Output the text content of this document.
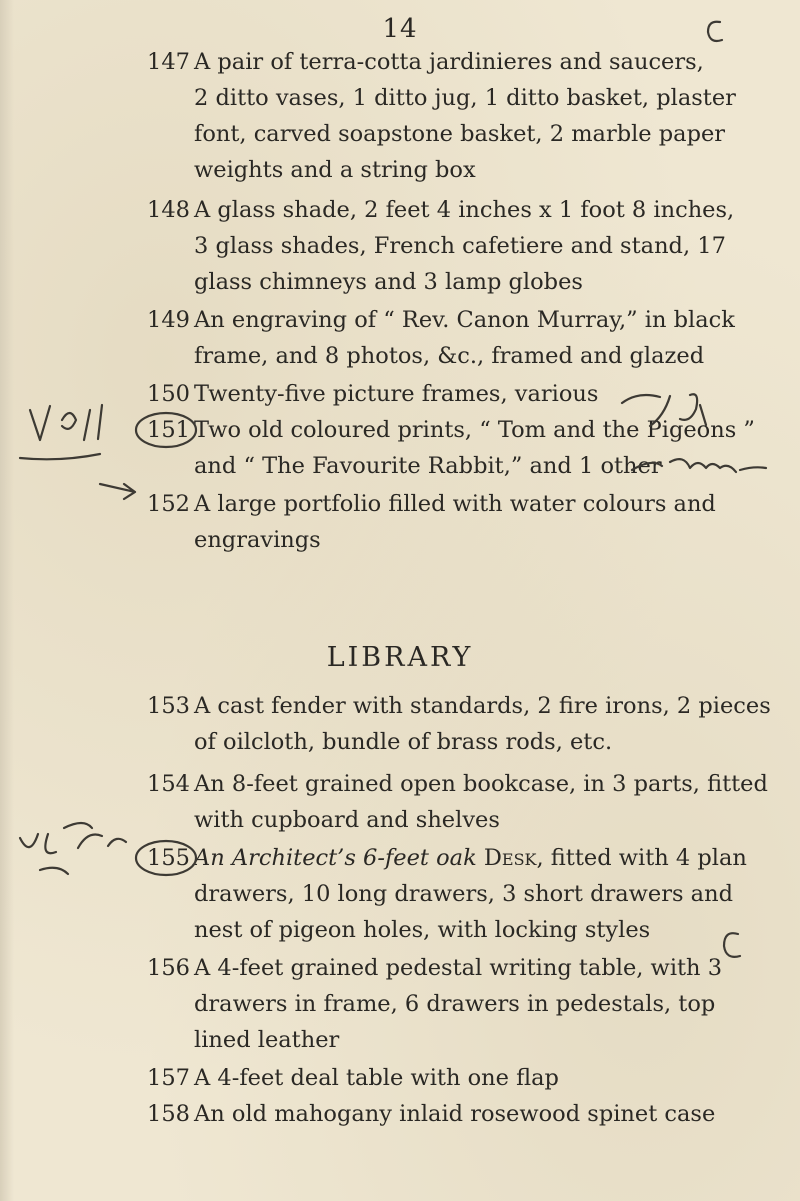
14
147 A pair of terra-cotta jardinieres and saucers,
2 ditto vases, 1 ditto jug, 1 ditto basket, plaster
font, carved soapstone basket, 2 marble paper
weights and a string box
148 A glass shade, 2 feet 4 inches x 1 foot 8 inches,
3 glass shades, French cafetiere and stand, 17
glass chimneys and 3 lamp globes
149 An engraving of “ Rev. Canon Murray,” in black
frame, and 8 photos, &c., framed and glazed
150 Twenty-five picture frames, various
151 Two old coloured prints, “ Tom and the Pigeons ”
and “ The Favourite Rabbit,” and 1 other
152 A large portfolio filled with water colours and
engravings
LIBRARY
153 A cast fender with standards, 2 fire irons, 2 pieces
of oilcloth, bundle of brass rods, etc.
154 An 8-feet grained open bookcase, in 3 parts, fitted
with cupboard and shelves
155 An Architect’s 6-feet oak Desk, fitted with 4 plan
drawers, 10 long drawers, 3 short drawers and
nest of pigeon holes, with locking styles
156 A 4-feet grained pedestal writing table, with 3
drawers in frame, 6 drawers in pedestals, top
lined leather
157 A 4-feet deal table with one flap
158 An old mahogany inlaid rosewood spinet case
